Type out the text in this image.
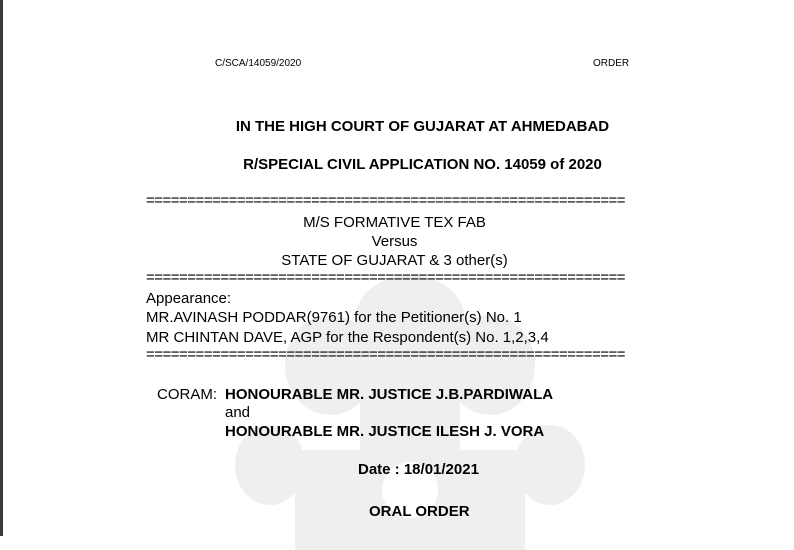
C/SCA/14059/2020	ORDER
IN THE HIGH COURT OF GUJARAT AT AHMEDABAD
R/SPECIAL CIVIL APPLICATION NO. 14059 of 2020
==========================================================
M/S FORMATIVE TEX FAB
Versus
STATE OF GUJARAT & 3 other(s)
==========================================================
Appearance:
MR.AVINASH PODDAR(9761) for the Petitioner(s) No. 1
MR CHINTAN DAVE, AGP for the Respondent(s) No. 1,2,3,4
==========================================================
CORAM: HONOURABLE MR. JUSTICE J.B.PARDIWALA
and
HONOURABLE MR. JUSTICE ILESH J. VORA
Date : 18/01/2021
ORAL ORDER
